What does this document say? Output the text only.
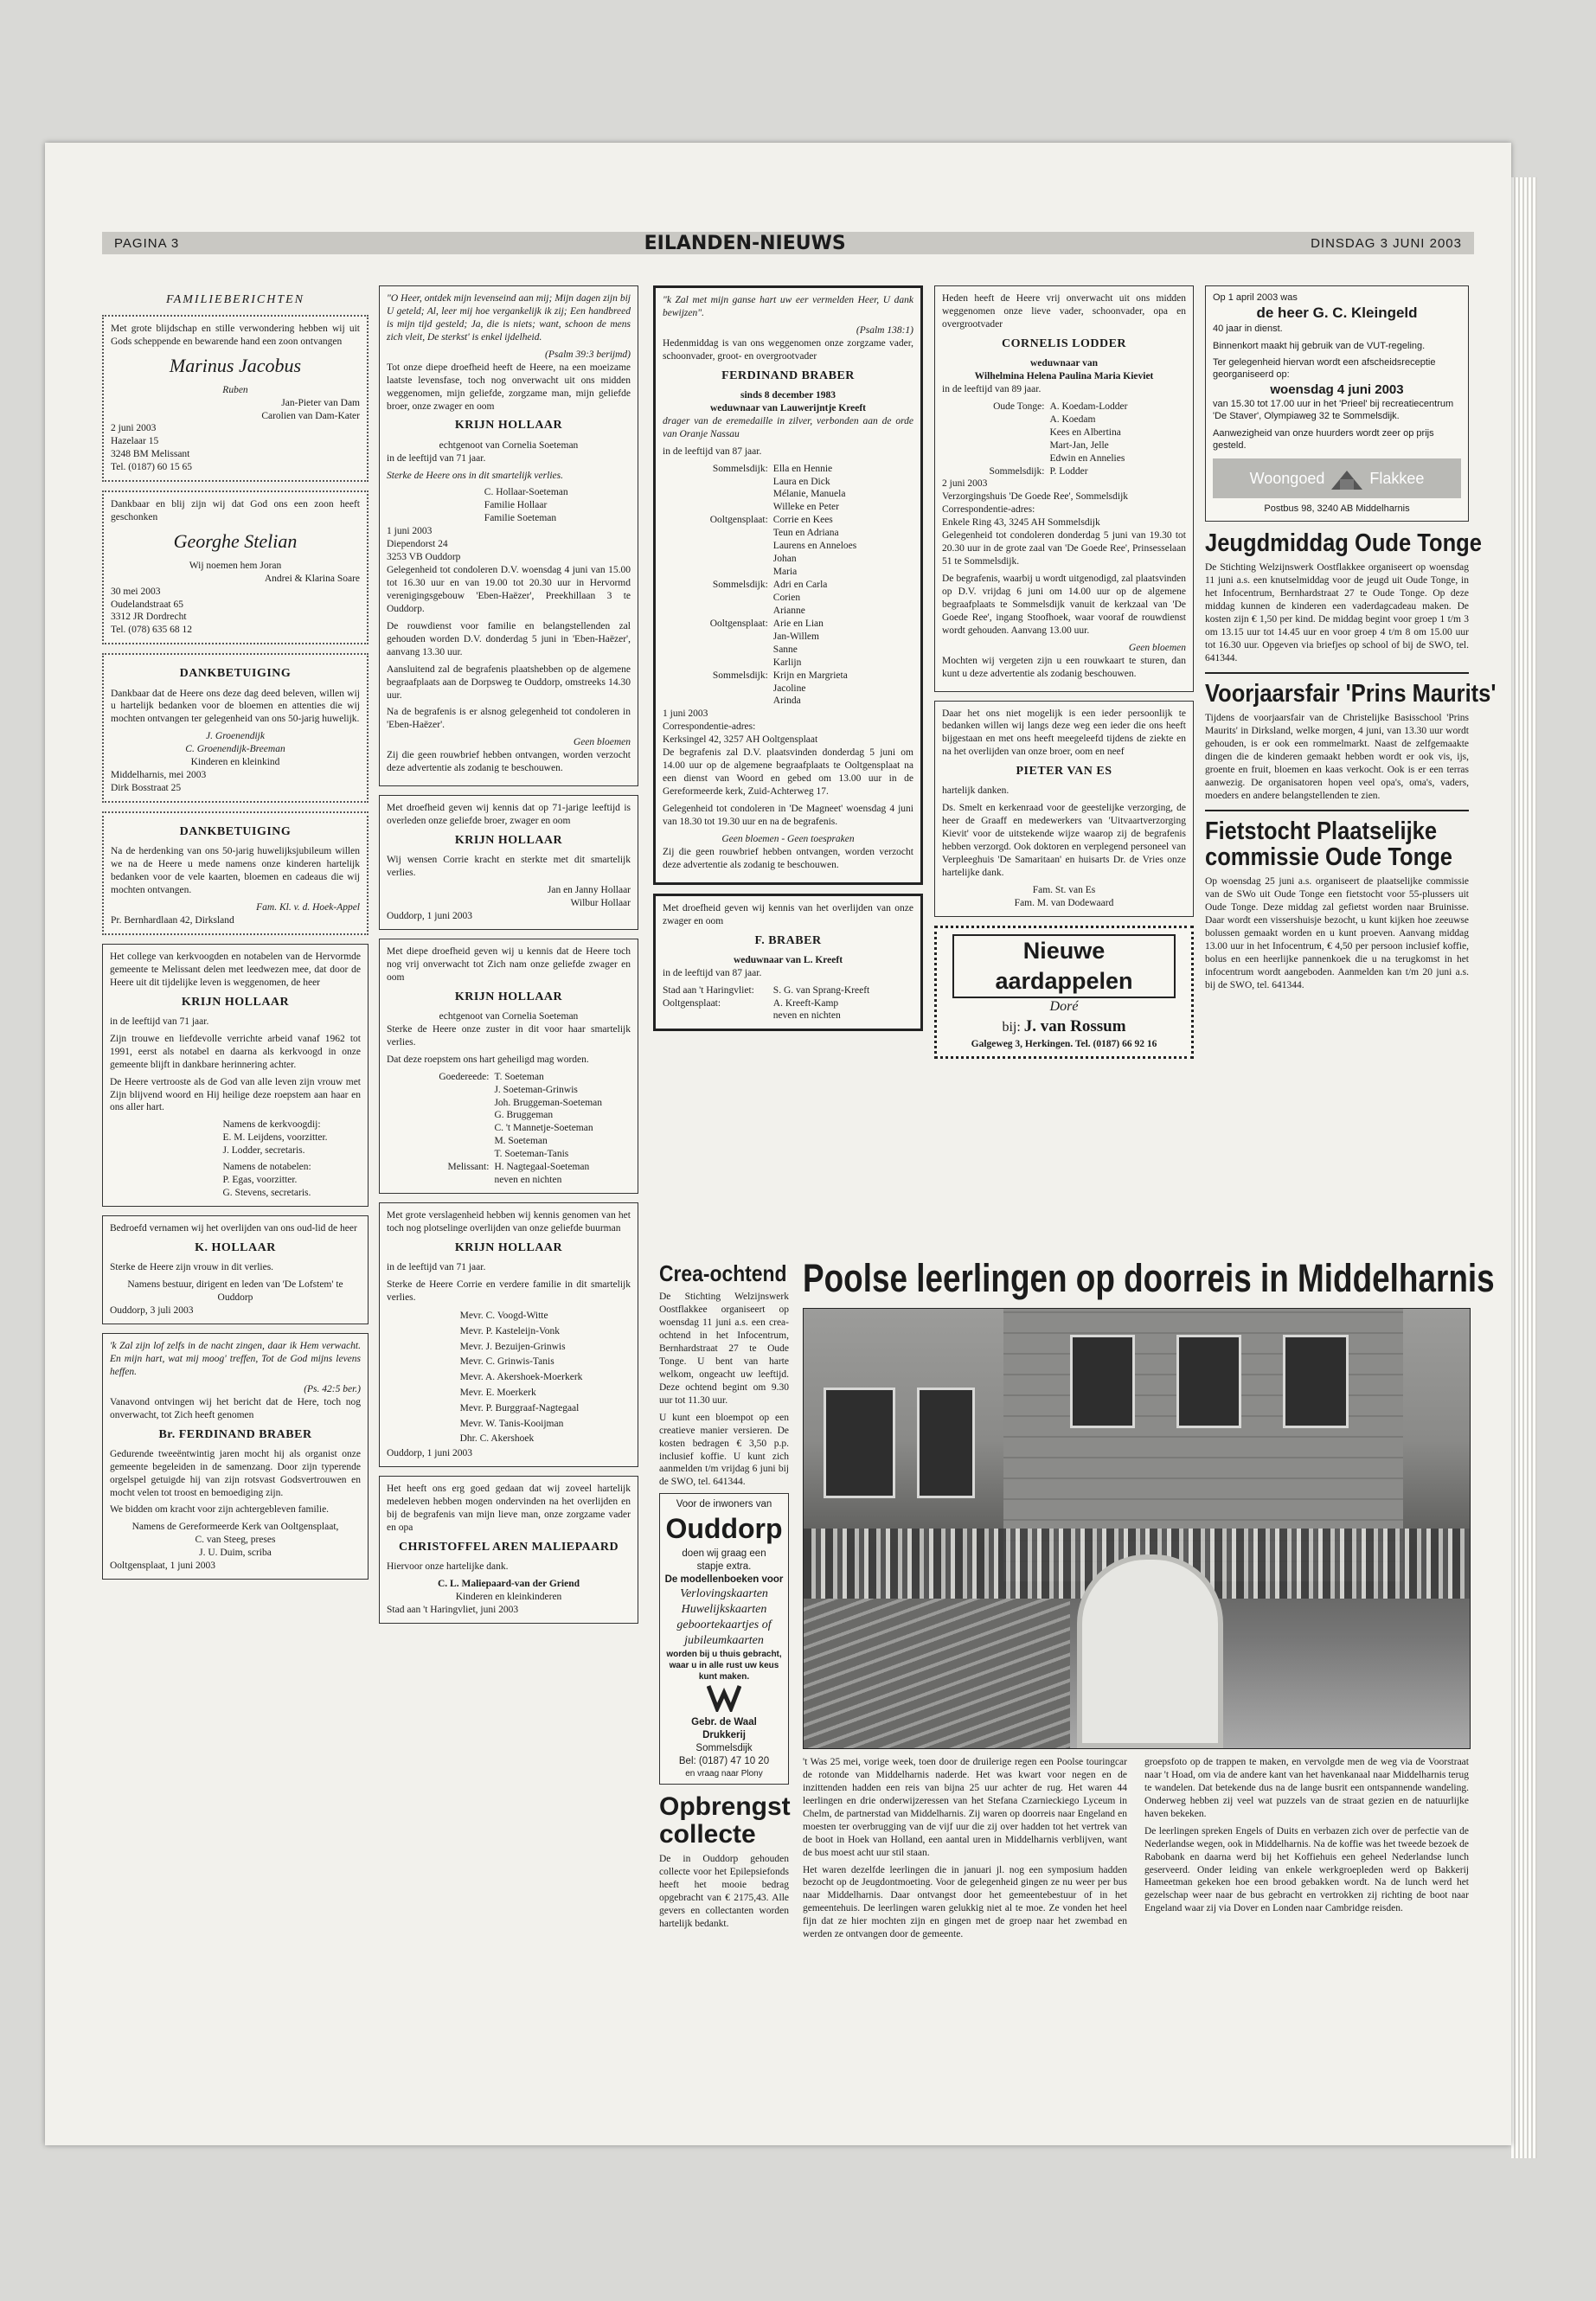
PAGINA 3	EILANDEN-NIEUWS	DINSDAG 3 JUNI 2003
FAMILIEBERICHTEN

Met grote blijdschap en stille verwondering hebben wij uit Gods scheppende en bewarende hand een zoon ontvangen

Marinus Jacobus
Ruben
Jan-Pieter van Dam
Carolien van Dam-Kater
2 juni 2003
Hazelaar 15
3248 BM Melissant
Tel. (0187) 60 15 65

Dankbaar en blij zijn wij dat God ons een zoon heeft geschonken

Georghe Stelian
Wij noemen hem Joran
Andrei & Klarina Soare
30 mei 2003
Oudelandstraat 65
3312 JR Dordrecht
Tel. (078) 635 68 12
DANKBETUIGING

Dankbaar dat de Heere ons deze dag deed beleven, willen wij u hartelijk bedanken voor de bloemen en attenties die wij mochten ontvangen ter gelegenheid van ons 50-jarig huwelijk.

J. Groenendijk
C. Groenendijk-Breeman
Kinderen en kleinkind
Middelharnis, mei 2003
Dirk Bosstraat 25
DANKBETUIGING

Na de herdenking van ons 50-jarig huwelijksjubileum willen we na de Heere u mede namens onze kinderen hartelijk bedanken voor de vele kaarten, bloemen en cadeaus die wij mochten ontvangen.

Fam. Kl. v. d. Hoek-Appel
Pr. Bernhardlaan 42, Dirksland

Het college van kerkvoogden en notabelen van de Hervormde gemeente te Melissant delen met leedwezen mee, dat door de Heere uit dit tijdelijke leven is weggenomen, de heer

KRIJN HOLLAAR

in de leeftijd van 71 jaar.

Zijn trouwe en liefdevolle verrichte arbeid vanaf 1962 tot 1991, eerst als notabel en daarna als kerkvoogd in onze gemeente blijft in dankbare herinnering achter.

De Heere vertrooste als de God van alle leven zijn vrouw met Zijn blijvend woord en Hij heilige deze roepstem aan haar en ons aller hart.

Namens de kerkvoogdij:
E. M. Leijdens, voorzitter.
J. Lodder, secretaris.
Namens de notabelen:
P. Egas, voorzitter.
G. Stevens, secretaris.

Bedroefd vernamen wij het overlijden van ons oud-lid de heer

K. HOLLAAR

Sterke de Heere zijn vrouw in dit verlies.

Namens bestuur, dirigent en leden van 'De Lofstem' te Ouddorp
Ouddorp, 3 juli 2003

'k Zal zijn lof zelfs in de nacht zingen, daar ik Hem verwacht. En mijn hart, wat mij moog' treffen, Tot de God mijns levens heffen.

(Ps. 42:5 ber.)

Vanavond ontvingen wij het bericht dat de Here, toch nog onverwacht, tot Zich heeft genomen

Br. FERDINAND BRABER

Gedurende tweeëntwintig jaren mocht hij als organist onze gemeente begeleiden in de samenzang. Door zijn typerende orgelspel getuigde hij van zijn rotsvast Godsvertrouwen en mocht velen tot troost en bemoediging zijn.

We bidden om kracht voor zijn achtergebleven familie.

Namens de Gereformeerde Kerk van Ooltgensplaat,
C. van Steeg, preses
J. U. Duim, scriba
Ooltgensplaat, 1 juni 2003

"O Heer, ontdek mijn levenseind aan mij; Mijn dagen zijn bij U geteld; Al, leer mij hoe vergankelijk ik zij; Een handbreed is mijn tijd gesteld; Ja, die is niets; want, schoon de mens zich vleit, De sterkst' is enkel ijdelheid.

(Psalm 39:3 berijmd)

Tot onze diepe droefheid heeft de Heere, na een moeizame laatste levensfase, toch nog onverwacht uit ons midden weggenomen, mijn geliefde, zorgzame man, mijn geliefde broer, onze zwager en oom

KRIJN HOLLAAR
echtgenoot van Cornelia Soeteman

in de leeftijd van 71 jaar.

Sterke de Heere ons in dit smartelijk verlies.

C. Hollaar-Soeteman
Familie Hollaar
Familie Soeteman
1 juni 2003
Diependorst 24
3253 VB Ouddorp

Gelegenheid tot condoleren D.V. woensdag 4 juni van 15.00 tot 16.30 uur en van 19.00 tot 20.30 uur in Hervormd verenigingsgebouw 'Eben-Haëzer', Preekhillaan 3 te Ouddorp.

De rouwdienst voor familie en belangstellenden zal gehouden worden D.V. donderdag 5 juni in 'Eben-Haëzer', aanvang 13.30 uur.

Aansluitend zal de begrafenis plaatshebben op de algemene begraafplaats aan de Dorpsweg te Ouddorp, omstreeks 14.30 uur.

Na de begrafenis is er alsnog gelegenheid tot condoleren in 'Eben-Haëzer'.

Geen bloemen

Zij die geen rouwbrief hebben ontvangen, worden verzocht deze advertentie als zodanig te beschouwen.

Met droefheid geven wij kennis dat op 71-jarige leeftijd is overleden onze geliefde broer, zwager en oom

KRIJN HOLLAAR

Wij wensen Corrie kracht en sterkte met dit smartelijk verlies.

Jan en Janny Hollaar
Wilbur Hollaar
Ouddorp, 1 juni 2003

Met diepe droefheid geven wij u kennis dat de Heere toch nog vrij onverwacht tot Zich nam onze geliefde zwager en oom

KRIJN HOLLAAR
echtgenoot van Cornelia Soeteman

Sterke de Heere onze zuster in dit voor haar smartelijk verlies.

Dat deze roepstem ons hart geheiligd mag worden.

Goedereede: T. Soeteman
J. Soeteman-Grinwis
Joh. Bruggeman-Soeteman
G. Bruggeman
C. 't Mannetje-Soeteman
M. Soeteman
T. Soeteman-Tanis
Melissant: H. Nagtegaal-Soeteman
neven en nichten

Met grote verslagenheid hebben wij kennis genomen van het toch nog plotselinge overlijden van onze geliefde buurman

KRIJN HOLLAAR

in de leeftijd van 71 jaar.

Sterke de Heere Corrie en verdere familie in dit smartelijk verlies.

Mevr. C. Voogd-Witte
Mevr. P. Kasteleijn-Vonk
Mevr. J. Bezuijen-Grinwis
Mevr. C. Grinwis-Tanis
Mevr. A. Akershoek-Moerkerk
Mevr. E. Moerkerk
Mevr. P. Burggraaf-Nagtegaal
Mevr. W. Tanis-Kooijman
Dhr. C. Akershoek
Ouddorp, 1 juni 2003

Het heeft ons erg goed gedaan dat wij zoveel hartelijk medeleven hebben mogen ondervinden na het overlijden en bij de begrafenis van mijn lieve man, onze zorgzame vader en opa

CHRISTOFFEL AREN MALIEPAARD

Hiervoor onze hartelijke dank.

C. L. Maliepaard-van der Griend
Kinderen en kleinkinderen
Stad aan 't Haringvliet, juni 2003

"k Zal met mijn ganse hart uw eer vermelden Heer, U dank bewijzen".

(Psalm 138:1)

Hedenmiddag is van ons weggenomen onze zorgzame vader, schoonvader, groot- en overgrootvader

FERDINAND BRABER
sinds 8 december 1983
weduwnaar van Lauwerijntje Kreeft

drager van de eremedaille in zilver, verbonden aan de orde van Oranje Nassau

in de leeftijd van 87 jaar.

Sommelsdijk: Ella en Hennie
Laura en Dick
Mélanie, Manuela
Willeke en Peter
Ooltgensplaat: Corrie en Kees
Teun en Adriana
Laurens en Anneloes
Johan
Maria
Sommelsdijk: Adri en Carla
Corien
Arianne
Ooltgensplaat: Arie en Lian
Jan-Willem
Sanne
Karlijn
Sommelsdijk: Krijn en Margrieta
Jacoline
Arinda
1 juni 2003
Correspondentie-adres:
Kerksingel 42, 3257 AH Ooltgensplaat

De begrafenis zal D.V. plaatsvinden donderdag 5 juni om 14.00 uur op de algemene begraafplaats te Ooltgensplaat na een dienst van Woord en gebed om 13.00 uur in de Gereformeerde kerk, Zuid-Achterweg 17.

Gelegenheid tot condoleren in 'De Magneet' woensdag 4 juni van 18.30 tot 19.30 uur en na de begrafenis.

Geen bloemen - Geen toespraken

Zij die geen rouwbrief hebben ontvangen, worden verzocht deze advertentie als zodanig te beschouwen.

Met droefheid geven wij kennis van het overlijden van onze zwager en oom

F. BRABER
weduwnaar van L. Kreeft

in de leeftijd van 87 jaar.

Stad aan 't Haringvliet:	S. G. van Sprang-Kreeft
Ooltgensplaat:	A. Kreeft-Kamp
neven en nichten

Heden heeft de Heere vrij onverwacht uit ons midden weggenomen onze lieve vader, schoonvader, opa en overgrootvader

CORNELIS LODDER
weduwnaar van
Wilhelmina Helena Paulina Maria Kieviet

in de leeftijd van 89 jaar.

Oude Tonge: A. Koedam-Lodder
A. Koedam
Kees en Albertina
Mart-Jan, Jelle
Edwin en Annelies
Sommelsdijk: P. Lodder
2 juni 2003
Verzorgingshuis 'De Goede Ree', Sommelsdijk
Correspondentie-adres:
Enkele Ring 43, 3245 AH Sommelsdijk

Gelegenheid tot condoleren donderdag 5 juni van 19.30 tot 20.30 uur in de grote zaal van 'De Goede Ree', Prinsesselaan 51 te Sommelsdijk.

De begrafenis, waarbij u wordt uitgenodigd, zal plaatsvinden op D.V. vrijdag 6 juni om 14.00 uur op de algemene begraafplaats te Sommelsdijk vanuit de kerkzaal van 'De Goede Ree', ingang Stoofhoek, waar vooraf de rouwdienst wordt gehouden. Aanvang 13.00 uur.

Geen bloemen

Mochten wij vergeten zijn u een rouwkaart te sturen, dan kunt u deze advertentie als zodanig beschouwen.

Daar het ons niet mogelijk is een ieder persoonlijk te bedanken willen wij langs deze weg een ieder die ons heeft bijgestaan en met ons heeft meegeleefd tijdens de ziekte en na het overlijden van onze broer, oom en neef

PIETER VAN ES

hartelijk danken.

Ds. Smelt en kerkenraad voor de geestelijke verzorging, de heer de Graaff en medewerkers van 'Uitvaartverzorging Kievit' voor de uitstekende wijze waarop zij de begrafenis hebben verzorgd. Ook doktoren en verplegend personeel van Verpleeghuis 'De Samaritaan' en huisarts Dr. de Vries onze hartelijke dank.

Fam. St. van Es
Fam. M. van Dodewaard
Nieuwe aardappelen
Doré
bij: J. van Rossum
Galgeweg 3, Herkingen. Tel. (0187) 66 92 16
Op 1 april 2003 was
de heer G. C. Kleingeld
40 jaar in dienst.
Binnenkort maakt hij gebruik van de VUT-regeling.
Ter gelegenheid hiervan wordt een afscheidsreceptie georganiseerd op:
woensdag 4 juni 2003
van 15.30 tot 17.00 uur in het 'Prieel' bij recreatiecentrum 'De Staver', Olympiaweg 32 te Sommelsdijk.
Aanwezigheid van onze huurders wordt zeer op prijs gesteld.
Woongoed	Flakkee
Postbus 98, 3240 AB Middelharnis
Jeugdmiddag Oude Tonge

De Stichting Welzijnswerk Oostflakkee organiseert op woensdag 11 juni a.s. een knutselmiddag voor de jeugd uit Oude Tonge, in het Infocentrum, Bernhardstraat 27 te Oude Tonge. Op deze middag kunnen de kinderen een vaderdagcadeau maken. De kosten zijn € 1,50 per kind. De middag begint voor groep 1 t/m 3 om 13.15 uur tot 14.45 uur en voor groep 4 t/m 8 om 15.00 uur tot 16.30 uur. Opgeven via briefjes op school of bij de SWO, tel. 641344.

Voorjaarsfair 'Prins Maurits'

Tijdens de voorjaarsfair van de Christelijke Basisschool 'Prins Maurits' in Dirksland, welke morgen, 4 juni, van 13.30 uur wordt gehouden, is er ook een rommelmarkt. Naast de zelfgemaakte dingen die de kinderen gemaakt hebben wordt er ook vis, ijs, groente en fruit, bloemen en kaas verkocht. Ook is er een terras aanwezig. De organisatoren hopen veel opa's, oma's, vaders, moeders en andere belangstellenden te zien.

Fietstocht Plaatselijke
commissie Oude Tonge

Op woensdag 25 juni a.s. organiseert de plaatselijke commissie van de SWo uit Oude Tonge een fietstocht voor 55-plussers uit Oude Tonge. Deze middag zal gefietst worden naar Bruinisse. Daar wordt een vissershuisje bezocht, u kunt kijken hoe zeeuwse bolussen gemaakt worden en u kunt proeven. Aanvang middag 13.00 uur in het Infocentrum, € 4,50 per persoon inclusief koffie, bolus en een heerlijke pannenkoek die u na terugkomst in het infocentrum wordt aangeboden. Aanmelden kan t/m 20 juni a.s. bij de SWO, tel. 641344.

Crea-ochtend

De Stichting Welzijnswerk Oostflakkee organiseert op woensdag 11 juni a.s. een crea-ochtend in het Infocentrum, Bernhardstraat 27 te Oude Tonge. U bent van harte welkom, ongeacht uw leeftijd. Deze ochtend begint om 9.30 uur tot 11.30 uur.

U kunt een bloempot op een creatieve manier versieren. De kosten bedragen € 3,50 p.p. inclusief koffie. U kunt zich aanmelden t/m vrijdag 6 juni bij de SWO, tel. 641344.

Voor de inwoners van
Ouddorp
doen wij graag een
stapje extra.
De modellenboeken voor
Verlovingskaarten
Huwelijkskaarten
geboortekaartjes of
jubileumkaarten
worden bij u thuis gebracht, waar u in alle rust uw keus kunt maken.
Gebr. de Waal
Drukkerij
Sommelsdijk
Bel: (0187) 47 10 20
en vraag naar Plony
Opbrengst collecte

De in Ouddorp gehouden collecte voor het Epilepsiefonds heeft het mooie bedrag opgebracht van € 2175,43. Alle gevers en collectanten worden hartelijk bedankt.

Poolse leerlingen op doorreis in Middelharnis

't Was 25 mei, vorige week, toen door de druilerige regen een Poolse touringcar de rotonde van Middelharnis naderde. Het was kwart voor negen en de inzittenden hadden een reis van bijna 25 uur achter de rug. Het waren 44 leerlingen en drie onderwijzeressen van het Stefana Czarnieckiego Lyceum in Chelm, de partnerstad van Middelharnis. Zij waren op doorreis naar Engeland en moesten ter overbrugging van de vijf uur die zij over hadden tot het vertrek van de boot in Hoek van Holland, een aantal uren in Middelharnis verblijven, want de bus moest acht uur stil staan.

Het waren dezelfde leerlingen die in januari jl. nog een symposium hadden bezocht op de Jeugdontmoeting. Voor de gelegenheid gingen ze nu weer per bus naar Middelharnis. Daar ontvangst door het gemeentebestuur of in het gemeentehuis. De leerlingen waren gelukkig niet al te moe. Ze vonden het heel fijn dat ze hier mochten zijn en gingen met de groep naar het zwembad en werden ze ontvangen door de gemeente.

groepsfoto op de trappen te maken, en vervolgde men de weg via de Voorstraat naar 't Hoad, om via de andere kant van het havenkanaal naar Middelharnis terug te wandelen. Dat betekende dus na de lange busrit een ontspannende wandeling. Onderweg hebben zij veel wat puzzels van de straat gezien en de natuurlijke haven bekeken.

De leerlingen spreken Engels of Duits en verbazen zich over de perfectie van de Nederlandse wegen, ook in Middelharnis. Na de koffie was het tweede bezoek de Rabobank en daarna werd bij het Koffiehuis een geheel Nederlandse lunch geserveerd. Onder leiding van enkele werkgroepleden werd op Bakkerij Hameetman gekeken hoe een brood gebakken wordt. Na de lunch werd het gezelschap weer naar de bus gebracht en vertrokken zij richting de boot naar Engeland waar zij via Dover en Londen naar Cambridge reisden.
